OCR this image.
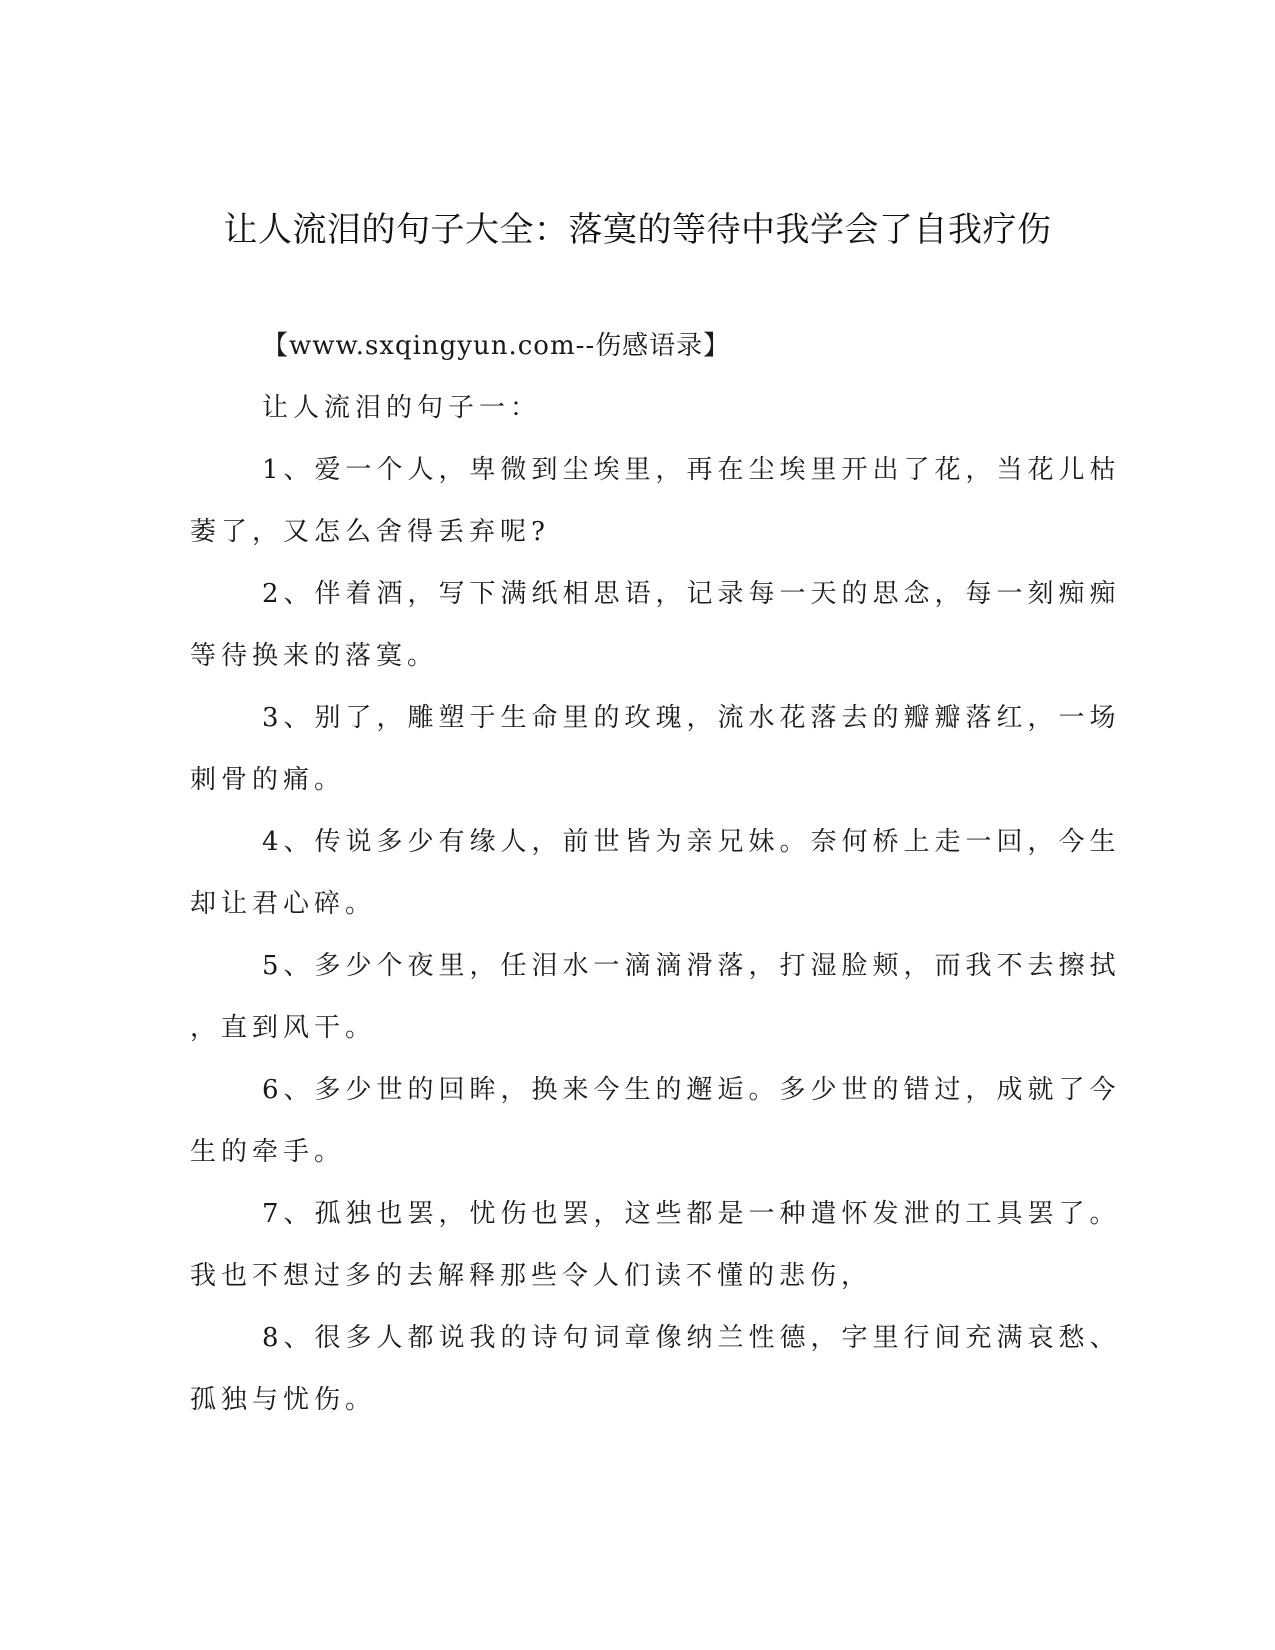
让人流泪的句子大全：落寞的等待中我学会了自我疗伤
【www.sxqingyun.com--伤感语录】
让人流泪的句子一：
1、爱一个人，卑微到尘埃里，再在尘埃里开出了花，当花儿枯
萎了，又怎么舍得丢弃呢?
2、伴着酒，写下满纸相思语，记录每一天的思念，每一刻痴痴
等待换来的落寞。
3、别了，雕塑于生命里的玫瑰，流水花落去的瓣瓣落红，一场
刺骨的痛。
4、传说多少有缘人，前世皆为亲兄妹。奈何桥上走一回，今生
却让君心碎。
5、多少个夜里，任泪水一滴滴滑落，打湿脸颊，而我不去擦拭
，直到风干。
6、多少世的回眸，换来今生的邂逅。多少世的错过，成就了今
生的牵手。
7、孤独也罢，忧伤也罢，这些都是一种遣怀发泄的工具罢了。
我也不想过多的去解释那些令人们读不懂的悲伤，
8、很多人都说我的诗句词章像纳兰性德，字里行间充满哀愁、
孤独与忧伤。
